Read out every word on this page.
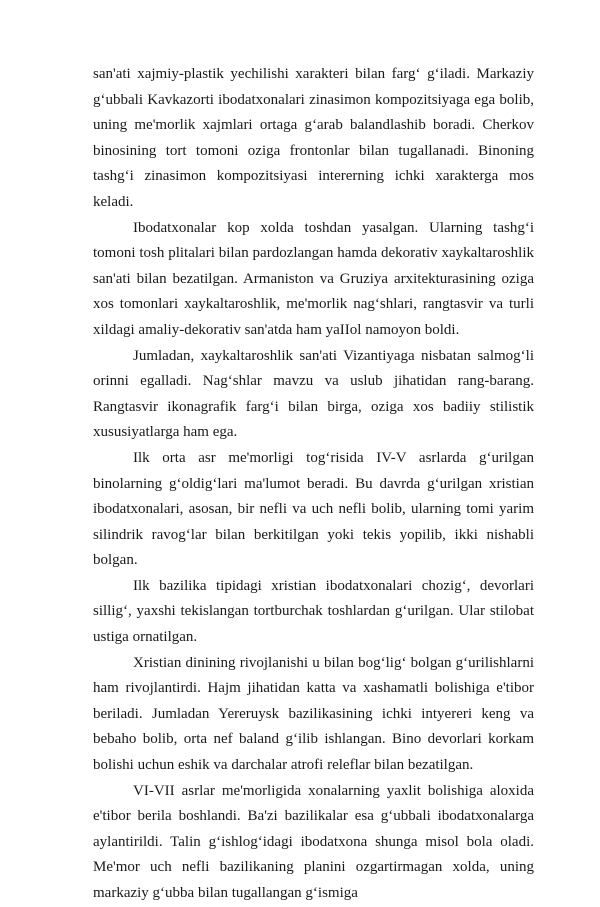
san'ati xajmiy-plastik yechilishi xarakteri bilan farg‘ g‘iladi. Markaziy g‘ubbali Kavkazorti ibodatxonalari zinasimon kompozitsiyaga ega bolib, uning me'morlik xajmlari ortaga g‘arab balandlashib boradi. Cherkov binosining tort tomoni oziga frontonlar bilan tugallanadi. Binoning tashg‘i zinasimon kompozitsiyasi intererning ichki xarakterga mos keladi.

Ibodatxonalar kop xolda toshdan yasalgan. Ularning tashg‘i tomoni tosh plitalari bilan pardozlangan hamda dekorativ xaykaltaroshlik san'ati bilan bezatilgan. Armaniston va Gruziya arxitekturasining oziga xos tomonlari xaykaltaroshlik, me'morlik nag‘shlari, rangtasvir va turli xildagi amaliy-dekorativ san'atda ham yaIIol namoyon boldi.

Jumladan, xaykaltaroshlik san'ati Vizantiyaga nisbatan salmog‘li orinni egalladi. Nag‘shlar mavzu va uslub jihatidan rang-barang. Rangtasvir ikonagrafik farg‘i bilan birga, oziga xos badiiy stilistik xususiyatlarga ham ega.

Ilk orta asr me'morligi tog‘risida IV-V asrlarda g‘urilgan binolarning g‘oldig‘lari ma'lumot beradi. Bu davrda g‘urilgan xristian ibodatxonalari, asosan, bir nefli va uch nefli bolib, ularning tomi yarim silindrik ravog‘lar bilan berkitilgan yoki tekis yopilib, ikki nishabli bolgan.

Ilk bazilika tipidagi xristian ibodatxonalari chozig‘, devorlari sillig‘, yaxshi tekislangan tortburchak toshlardan g‘urilgan. Ular stilobat ustiga ornatilgan.

Xristian dinining rivojlanishi u bilan bog‘lig‘ bolgan g‘urilishlarni ham rivojlantirdi. Hajm jihatidan katta va xashamatli bolishiga e'tibor beriladi. Jumladan Yereruysk bazilikasining ichki intyereri keng va bebaho bolib, orta nef baland g‘ilib ishlangan. Bino devorlari korkam bolishi uchun eshik va darchalar atrofi releflar bilan bezatilgan.

VI-VII asrlar me'morligida xonalarning yaxlit bolishiga aloxida e'tibor berila boshlandi. Ba'zi bazilikalar esa g‘ubbali ibodatxonalarga aylantirildi. Talin g‘ishlog‘idagi ibodatxona shunga misol bola oladi. Me'mor uch nefli bazilikaning planini ozgartirmagan xolda, uning markaziy g‘ubba bilan tugallangan g‘ismiga
